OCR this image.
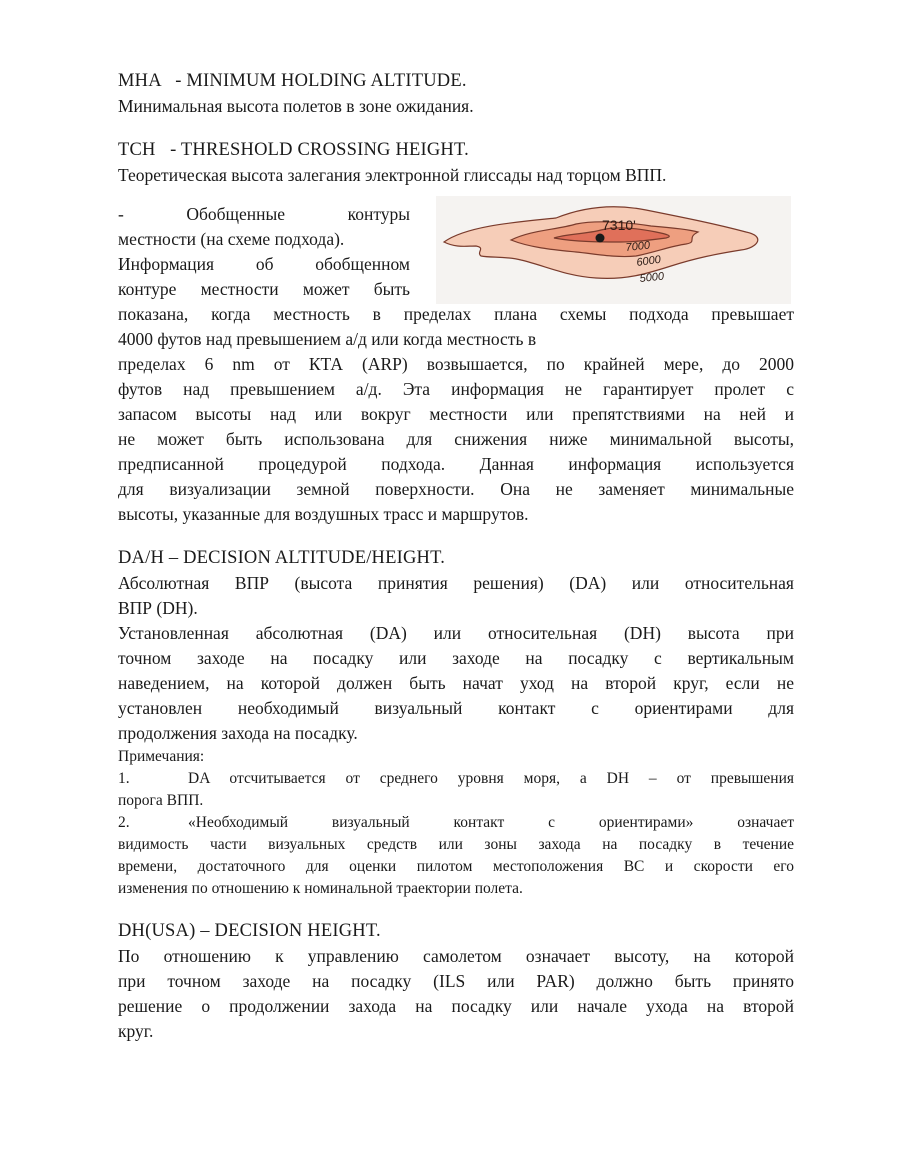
MHA   - MINIMUM HOLDING ALTITUDE.
Минимальная высота полетов в зоне ожидания.
TCH   - THRESHOLD CROSSING HEIGHT.
Теоретическая высота залегания электронной глиссады над торцом ВПП.
- Обобщенные контуры
местности (на схеме подхода).
Информация об обобщенном
контуре местности может быть
7310'
7000
6000
5000
показана, когда местность в пределах плана схемы подхода превышает
4000 футов над превышением а/д или когда местность в
пределах 6 nm от КТА (ARP) возвышается, по крайней мере, до 2000
футов над превышением а/д. Эта информация не гарантирует пролет с
запасом высоты над или вокруг местности или препятствиями на ней и
не может быть использована для снижения ниже минимальной высоты,
предписанной процедурой подхода. Данная информация используется
для визуализации земной поверхности. Она не заменяет минимальные
высоты, указанные для воздушных трасс и маршрутов.
DA/H – DECISION ALTITUDE/HEIGHT.
Абсолютная ВПР (высота принятия решения) (DA) или относительная
ВПР (DH).
Установленная абсолютная (DA) или относительная (DH) высота при
точном заходе на посадку или заходе на посадку с вертикальным
наведением, на которой должен быть начат уход на второй круг, если не
установлен необходимый визуальный контакт с ориентирами для
продолжения захода на посадку.
Примечания:
1.	DA отсчитывается от среднего уровня моря, а DH – от превышения
порога ВПП.
2.	«Необходимый визуальный контакт с ориентирами» означает
видимость части визуальных средств или зоны захода на посадку в течение
времени, достаточного для оценки пилотом местоположения ВС и скорости его
изменения по отношению к номинальной траектории полета.
DH(USA) – DECISION HEIGHT.
По отношению к управлению самолетом означает высоту, на которой
при точном заходе на посадку (ILS или PAR) должно быть принято
решение о продолжении захода на посадку или начале ухода на второй
круг.
